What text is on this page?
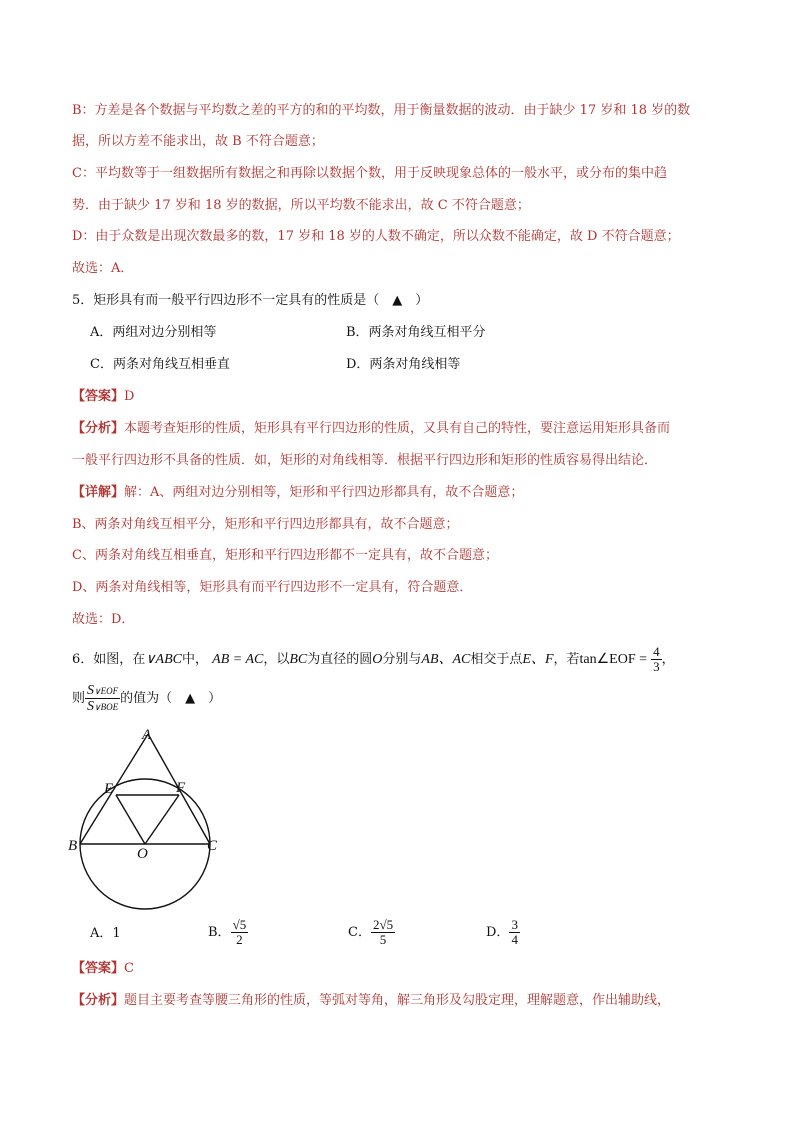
B：方差是各个数据与平均数之差的平方的和的平均数，用于衡量数据的波动．由于缺少 17 岁和 18 岁的数
据，所以方差不能求出，故 B 不符合题意；
C：平均数等于一组数据所有数据之和再除以数据个数，用于反映现象总体的一般水平，或分布的集中趋
势．由于缺少 17 岁和 18 岁的数据，所以平均数不能求出，故 C 不符合题意；
D：由于众数是出现次数最多的数，17 岁和 18 岁的人数不确定，所以众数不能确定，故 D 不符合题意；
故选：A．
5．矩形具有而一般平行四边形不一定具有的性质是（　▲　）
A．两组对边分别相等	B．两条对角线互相平分
C．两条对角线互相垂直	D．两条对角线相等
【答案】D
【分析】本题考查矩形的性质，矩形具有平行四边形的性质，又具有自己的特性，要注意运用矩形具备而
一般平行四边形不具备的性质．如，矩形的对角线相等．根据平行四边形和矩形的性质容易得出结论．
【详解】解：A、两组对边分别相等，矩形和平行四边形都具有，故不合题意；
B、两条对角线互相平分，矩形和平行四边形都具有，故不合题意；
C、两条对角线互相垂直，矩形和平行四边形都不一定具有，故不合题意；
D、两条对角线相等，矩形具有而平行四边形不一定具有，符合题意．
故选：D．
6．如图，在∨ABC中， AB = AC，以BC为直径的圆O分别与AB、AC相交于点E、F，若tan∠EOF = $\frac{4}{3}$ ，
则 $\frac{\text{S∨EOF}}{\text{S∨BOE}}$ 的值为（　▲　）
A
E	F
B	O	C
A．1	B． $\frac{√5}{2}$	C． $\frac{2√5}{5}$	D． $\frac{3}{4}$
【答案】C
【分析】题目主要考查等腰三角形的性质，等弧对等角，解三角形及勾股定理，理解题意，作出辅助线，
